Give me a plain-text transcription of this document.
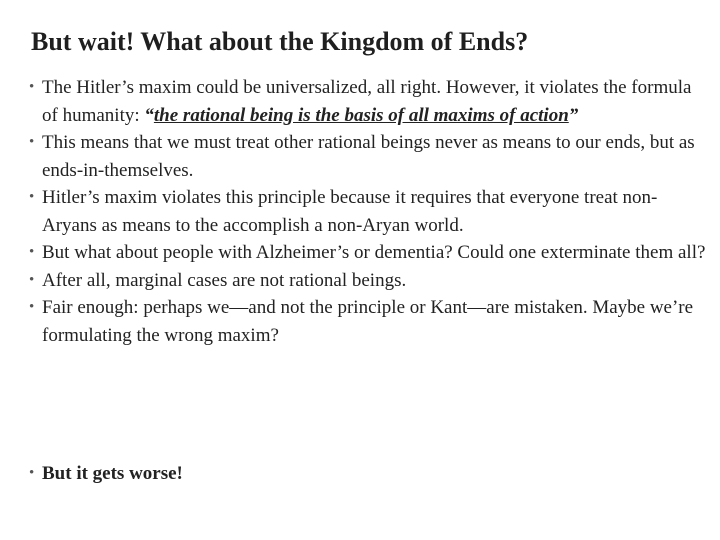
But wait! What about the Kingdom of Ends?
• The Hitler’s maxim could be universalized, all right. However, it violates the formula of humanity: “the rational being is the basis of all maxims of action”
• This means that we must treat other rational beings never as means to our ends, but as ends-in-themselves.
• Hitler’s maxim violates this principle because it requires that everyone treat non-Aryans as means to the accomplish a non-Aryan world.
• But what about people with Alzheimer’s or dementia? Could one exterminate them all?
• After all, marginal cases are not rational beings.
• Fair enough: perhaps we—and not the principle or Kant—are mistaken. Maybe we’re formulating the wrong maxim?
• But it gets worse!
